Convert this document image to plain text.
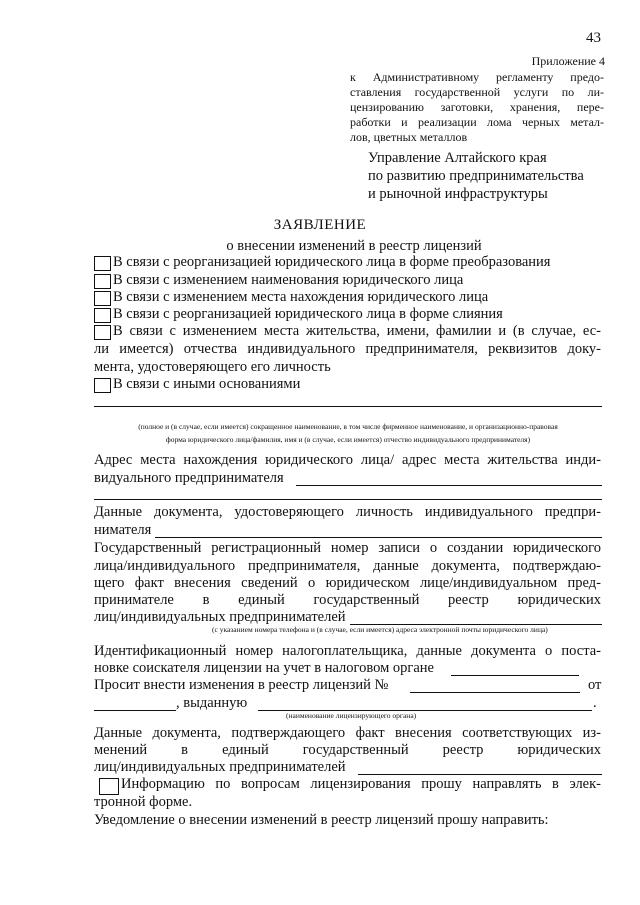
43
Приложение 4
к Административному регламенту предо-
ставления государственной услуги по ли-
цензированию заготовки, хранения, пере-
работки и реализации лома черных метал-
лов, цветных металлов
Управление Алтайского края
по развитию предпринимательства
и рыночной инфраструктуры
ЗАЯВЛЕНИЕ
о внесении изменений в реестр лицензий
В связи с реорганизацией юридического лица в форме преобразования
В связи с изменением наименования юридического лица
В связи с изменением места нахождения юридического лица
В связи с реорганизацией юридического лица в форме слияния
В связи с изменением места жительства, имени, фамилии и (в случае, ес-
ли имеется) отчества индивидуального предпринимателя, реквизитов доку-
мента, удостоверяющего его личность
В связи с иными основаниями
(полное и (в случае, если имеется) сокращенное наименование, в том числе фирменное наименование, и организационно-правовая
форма юридического лица/фамилия, имя и (в случае, если имеется) отчество индивидуального предпринимателя)
Адрес места нахождения юридического лица/ адрес места жительства инди-
видуального предпринимателя
Данные документа, удостоверяющего личность индивидуального предпри-
нимателя
Государственный регистрационный номер записи о создании юридического
лица/индивидуального предпринимателя, данные документа, подтверждаю-
щего факт внесения сведений о юридическом лице/индивидуальном пред-
принимателе в единый государственный реестр юридических
лиц/индивидуальных предпринимателей
(с указанием номера телефона и (в случае, если имеется) адреса электронной почты юридического лица)
Идентификационный номер налогоплательщика, данные документа о поста-
новке соискателя лицензии на учет в налоговом органе
Просит внести изменения в реестр лицензий №	от
, выданную	.
(наименование лицензирующего органа)
Данные документа, подтверждающего факт внесения соответствующих из-
менений в единый государственный реестр юридических
лиц/индивидуальных предпринимателей
Информацию по вопросам лицензирования прошу направлять в элек-
тронной форме.
Уведомление о внесении изменений в реестр лицензий прошу направить:
